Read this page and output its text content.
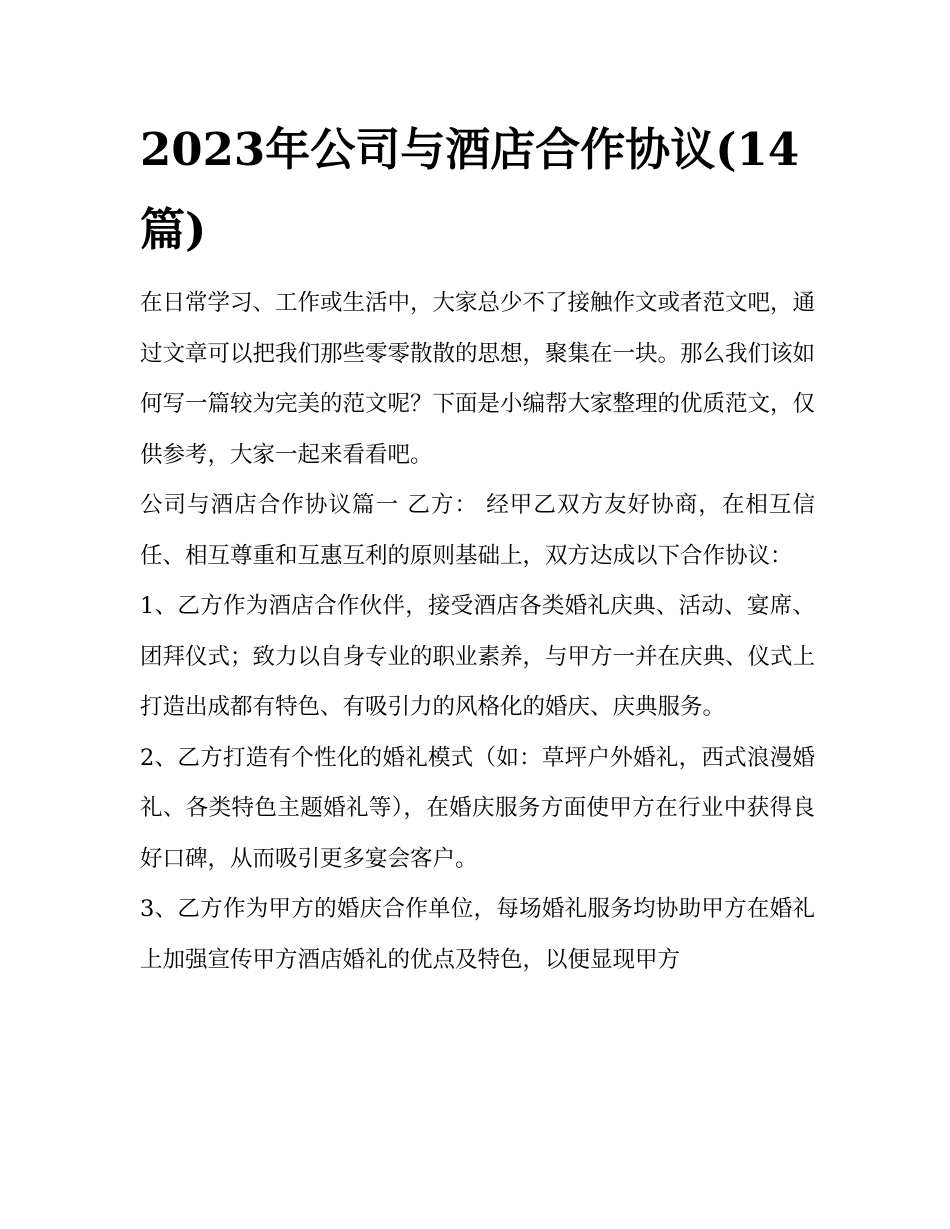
2023年公司与酒店合作协议(14篇)

在日常学习、工作或生活中，大家总少不了接触作文或者范文吧，通过文章可以把我们那些零零散散的思想，聚集在一块。那么我们该如何写一篇较为完美的范文呢？下面是小编帮大家整理的优质范文，仅供参考，大家一起来看看吧。

公司与酒店合作协议篇一 乙方： 经甲乙双方友好协商，在相互信任、相互尊重和互惠互利的原则基础上，双方达成以下合作协议：

1、乙方作为酒店合作伙伴，接受酒店各类婚礼庆典、活动、宴席、团拜仪式；致力以自身专业的职业素养，与甲方一并在庆典、仪式上打造出成都有特色、有吸引力的风格化的婚庆、庆典服务。

2、乙方打造有个性化的婚礼模式（如：草坪户外婚礼，西式浪漫婚礼、各类特色主题婚礼等），在婚庆服务方面使甲方在行业中获得良好口碑，从而吸引更多宴会客户。

3、乙方作为甲方的婚庆合作单位，每场婚礼服务均协助甲方在婚礼上加强宣传甲方酒店婚礼的优点及特色，以便显现甲方
